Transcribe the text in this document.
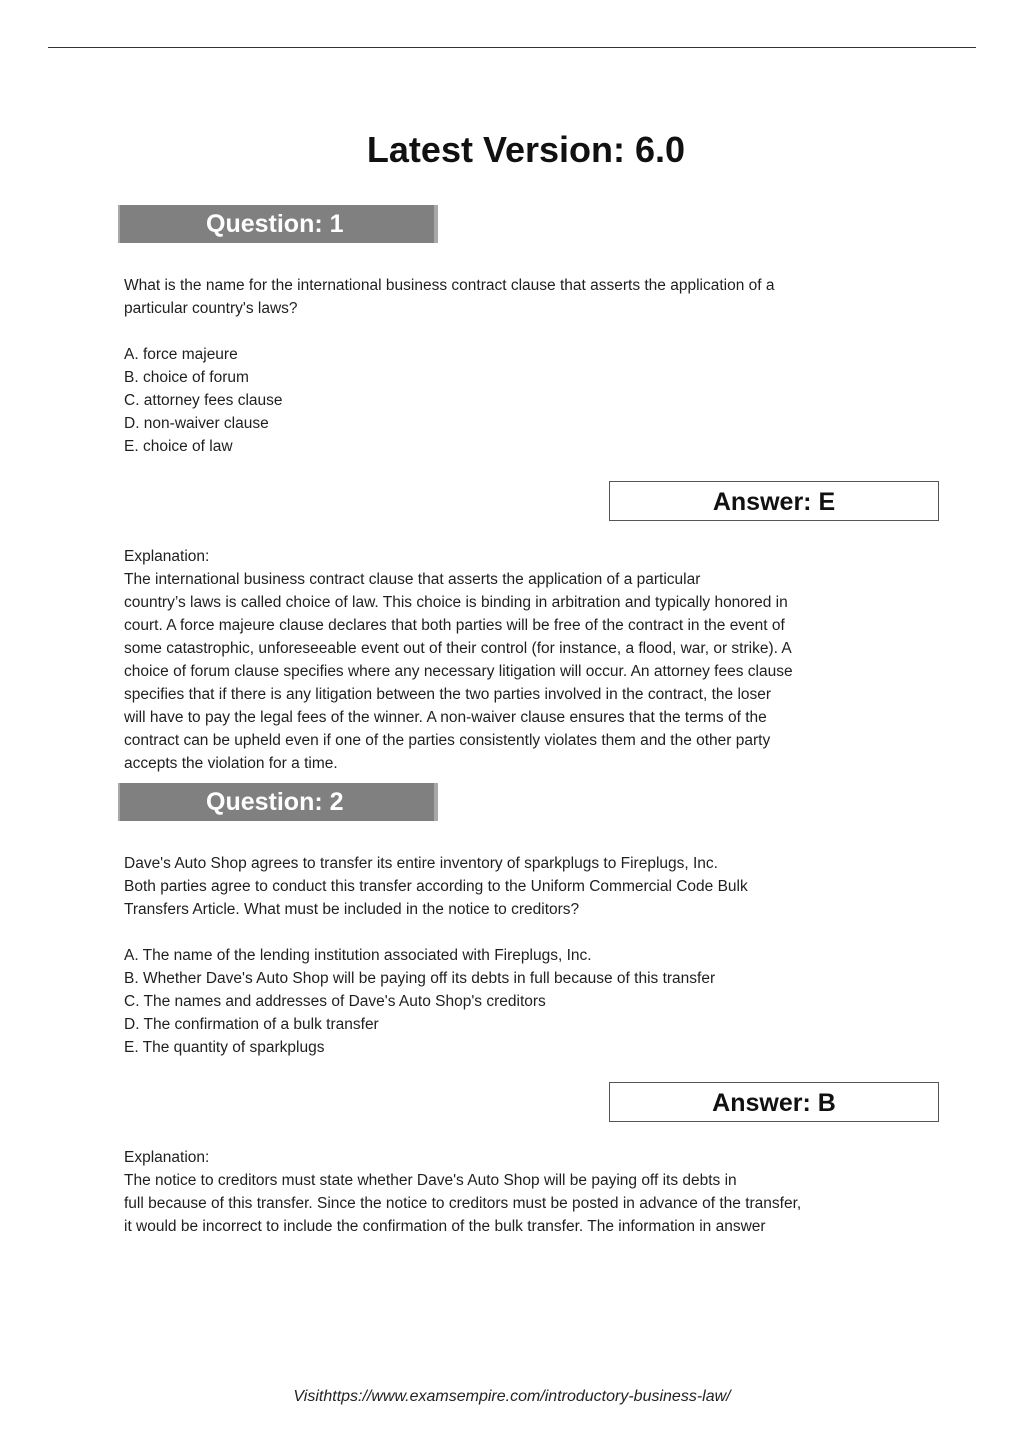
Latest Version: 6.0
Question: 1

What is the name for the international business contract clause that asserts the application of a

particular country's laws?

A. force majeure
B. choice of forum
C. attorney fees clause
D. non-waiver clause
E. choice of law
Answer: E

Explanation:

The international business contract clause that asserts the application of a particular

country’s laws is called choice of law. This choice is binding in arbitration and typically honored in

court. A force majeure clause declares that both parties will be free of the contract in the event of

some catastrophic, unforeseeable event out of their control (for instance, a flood, war, or strike). A

choice of forum clause specifies where any necessary litigation will occur. An attorney fees clause

specifies that if there is any litigation between the two parties involved in the contract, the loser

will have to pay the legal fees of the winner. A non-waiver clause ensures that the terms of the

contract can be upheld even if one of the parties consistently violates them and the other party

accepts the violation for a time.

Question: 2

Dave's Auto Shop agrees to transfer its entire inventory of sparkplugs to Fireplugs, Inc.

Both parties agree to conduct this transfer according to the Uniform Commercial Code Bulk

Transfers Article. What must be included in the notice to creditors?

A. The name of the lending institution associated with Fireplugs, Inc.
B. Whether Dave's Auto Shop will be paying off its debts in full because of this transfer
C. The names and addresses of Dave's Auto Shop's creditors
D. The confirmation of a bulk transfer
E. The quantity of sparkplugs
Answer: B

Explanation:

The notice to creditors must state whether Dave's Auto Shop will be paying off its debts in

full because of this transfer. Since the notice to creditors must be posted in advance of the transfer,

it would be incorrect to include the confirmation of the bulk transfer. The information in answer

Visithttps://www.examsempire.com/introductory-business-law/
